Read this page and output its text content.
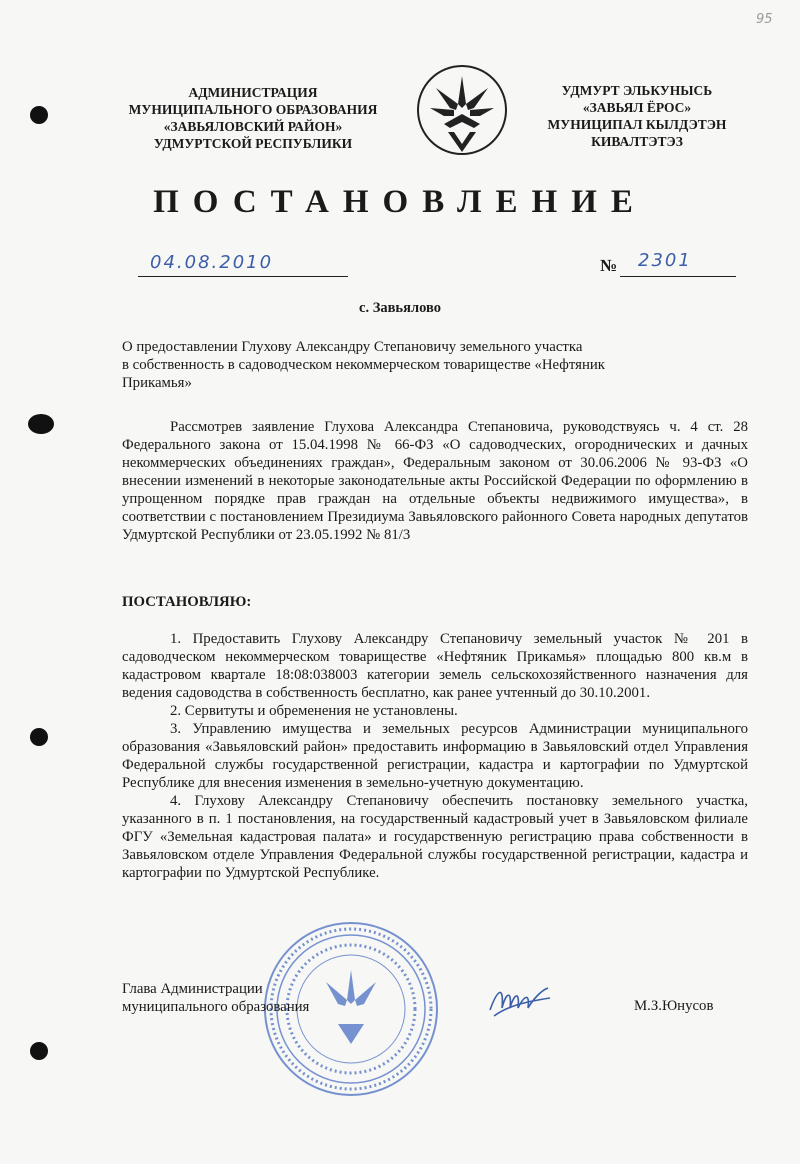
95
АДМИНИСТРАЦИЯ
МУНИЦИПАЛЬНОГО ОБРАЗОВАНИЯ
«ЗАВЬЯЛОВСКИЙ РАЙОН»
УДМУРТСКОЙ РЕСПУБЛИКИ
УДМУРТ ЭЛЬКУНЫСЬ
«ЗАВЬЯЛ ЁРОС»
МУНИЦИПАЛ КЫЛДЭТЭН
КИВАЛТЭТЭЗ
ПОСТАНОВЛЕНИЕ
04.08.2010	№ 2301
с. Завьялово
О предоставлении Глухову Александру Степановичу земельного участка
в собственность в садоводческом некоммерческом товариществе «Нефтяник
Прикамья»

Рассмотрев заявление Глухова Александра Степановича, руководствуясь ч. 4 ст. 28 Федерального закона от 15.04.1998 № 66-ФЗ «О садоводческих, огороднических и дачных некоммерческих объединениях граждан», Федеральным законом от 30.06.2006 № 93-ФЗ «О внесении изменений в некоторые законодательные акты Российской Федерации по оформлению в упрощенном порядке прав граждан на отдельные объекты недвижимого имущества», в соответствии с постановлением Президиума Завьяловского районного Совета народных депутатов Удмуртской Республики от 23.05.1992 № 81/3

ПОСТАНОВЛЯЮ:

1. Предоставить Глухову Александру Степановичу земельный участок № 201 в садоводческом некоммерческом товариществе «Нефтяник Прикамья» площадью 800 кв.м в кадастровом квартале 18:08:038003 категории земель сельскохозяйственного назначения для ведения садоводства в собственность бесплатно, как ранее учтенный до 30.10.2001.

2. Сервитуты и обременения не установлены.

3. Управлению имущества и земельных ресурсов Администрации муниципального образования «Завьяловский район» предоставить информацию в Завьяловский отдел Управления Федеральной службы государственной регистрации, кадастра и картографии по Удмуртской Республике для внесения изменения в земельно-учетную документацию.

4. Глухову Александру Степановичу обеспечить постановку земельного участка, указанного в п. 1 постановления, на государственный кадастровый учет в Завьяловском филиале ФГУ «Земельная кадастровая палата» и государственную регистрацию права собственности в Завьяловском отделе Управления Федеральной службы государственной регистрации, кадастра и картографии по Удмуртской Республике.

Глава Администрации
муниципального образования	М.З.Юнусов
